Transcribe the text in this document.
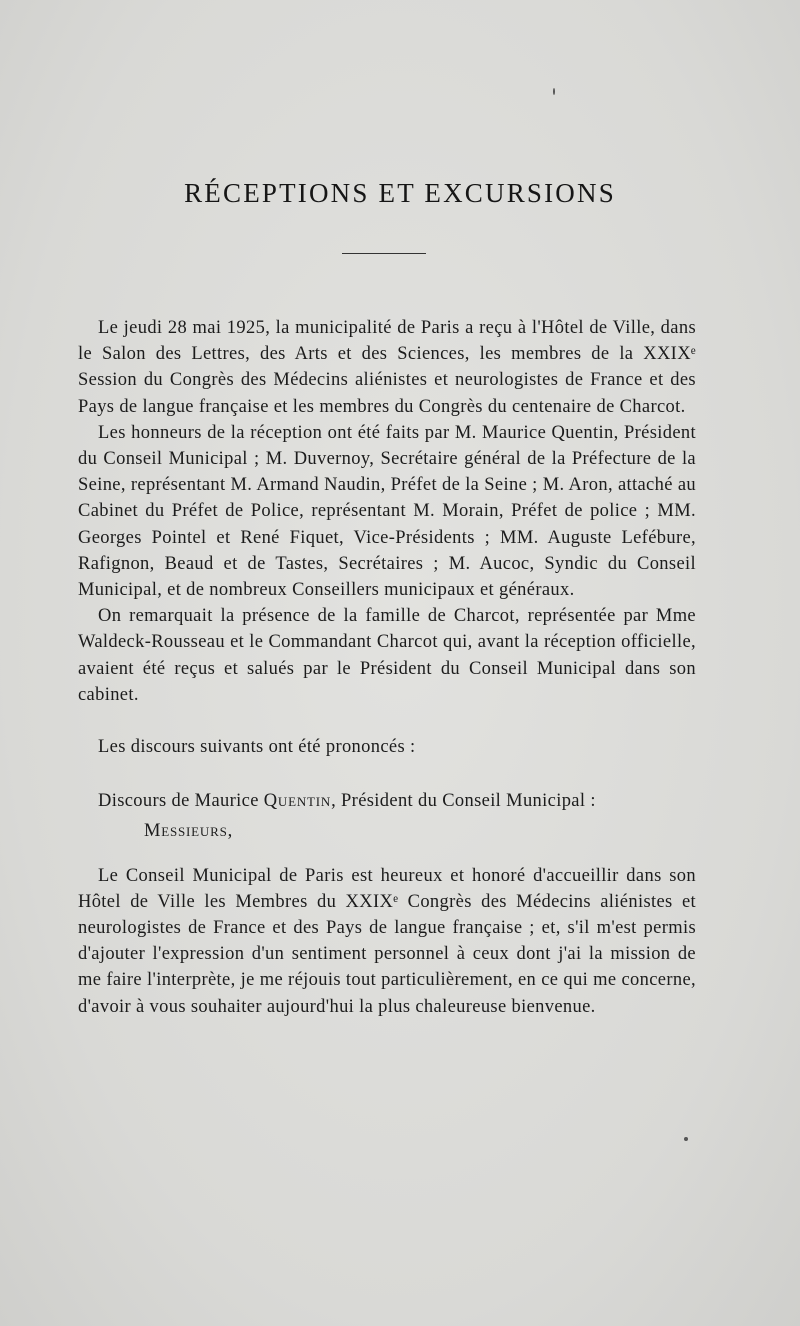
RÉCEPTIONS ET EXCURSIONS

Le jeudi 28 mai 1925, la municipalité de Paris a reçu à l'Hôtel de Ville, dans le Salon des Lettres, des Arts et des Sciences, les membres de la XXIXᵉ Session du Congrès des Médecins aliénistes et neurologistes de France et des Pays de langue française et les membres du Congrès du centenaire de Charcot.

Les honneurs de la réception ont été faits par M. Maurice Quentin, Président du Conseil Municipal ; M. Duvernoy, Secrétaire général de la Préfecture de la Seine, représentant M. Armand Naudin, Préfet de la Seine ; M. Aron, attaché au Cabinet du Préfet de Police, représentant M. Morain, Préfet de police ; MM. Georges Pointel et René Fiquet, Vice-Présidents ; MM. Auguste Lefébure, Rafignon, Beaud et de Tastes, Secrétaires ; M. Aucoc, Syndic du Conseil Municipal, et de nombreux Conseillers municipaux et généraux.

On remarquait la présence de la famille de Charcot, représentée par Mme Waldeck-Rousseau et le Commandant Charcot qui, avant la réception officielle, avaient été reçus et salués par le Président du Conseil Municipal dans son cabinet.

Les discours suivants ont été prononcés :

Discours de Maurice Quentin, Président du Conseil Municipal :

Messieurs,

Le Conseil Municipal de Paris est heureux et honoré d'accueillir dans son Hôtel de Ville les Membres du XXIXᵉ Congrès des Médecins aliénistes et neurologistes de France et des Pays de langue française ; et, s'il m'est permis d'ajouter l'expression d'un sentiment personnel à ceux dont j'ai la mission de me faire l'interprète, je me réjouis tout particulièrement, en ce qui me concerne, d'avoir à vous souhaiter aujourd'hui la plus chaleureuse bienvenue.
